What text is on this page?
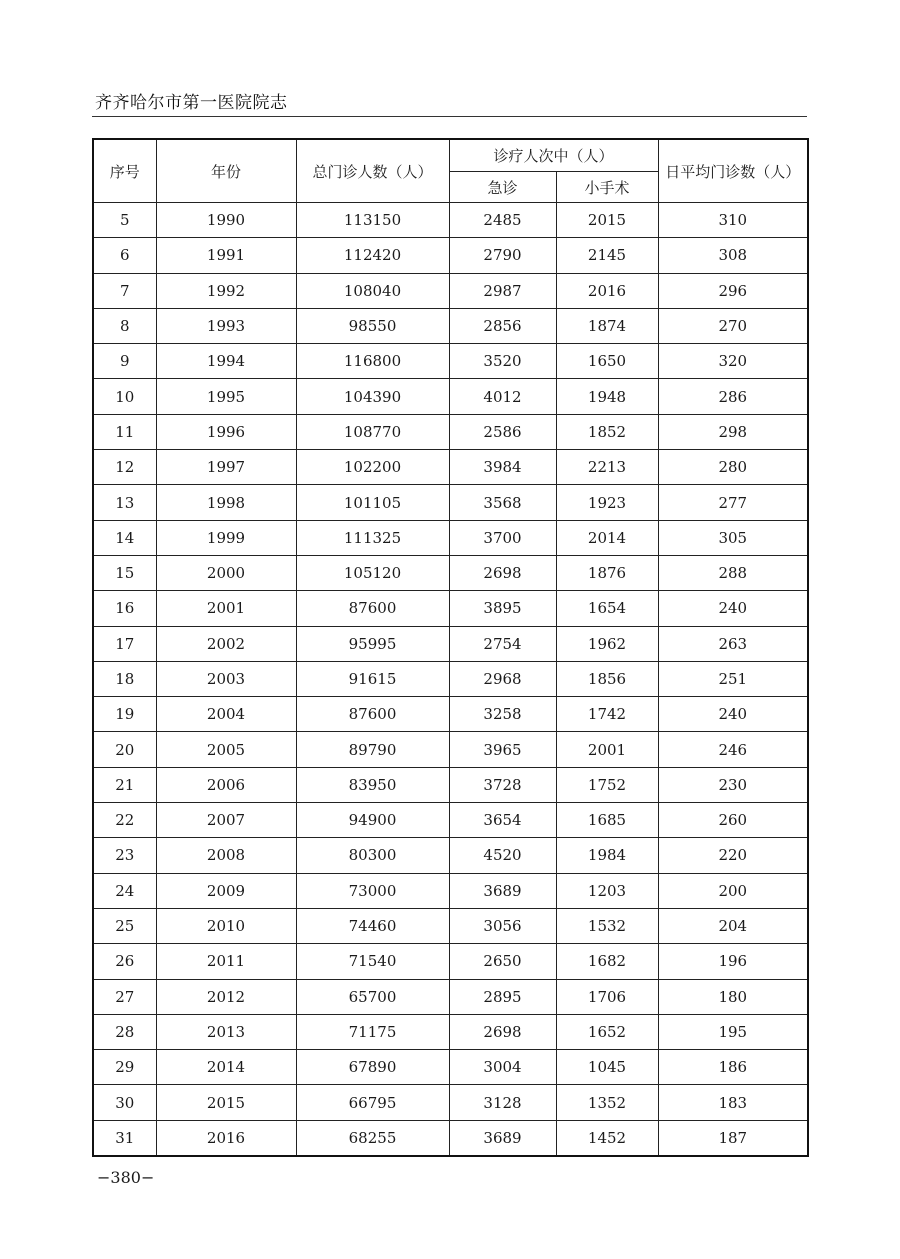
齐齐哈尔市第一医院院志
序号	年份	总门诊人数（人）	诊疗人次中（人）		日平均门诊数（人）
			急诊	小手术	
5	1990	113150	2485	2015	310
6	1991	112420	2790	2145	308
7	1992	108040	2987	2016	296
8	1993	98550	2856	1874	270
9	1994	116800	3520	1650	320
10	1995	104390	4012	1948	286
11	1996	108770	2586	1852	298
12	1997	102200	3984	2213	280
13	1998	101105	3568	1923	277
14	1999	111325	3700	2014	305
15	2000	105120	2698	1876	288
16	2001	87600	3895	1654	240
17	2002	95995	2754	1962	263
18	2003	91615	2968	1856	251
19	2004	87600	3258	1742	240
20	2005	89790	3965	2001	246
21	2006	83950	3728	1752	230
22	2007	94900	3654	1685	260
23	2008	80300	4520	1984	220
24	2009	73000	3689	1203	200
25	2010	74460	3056	1532	204
26	2011	71540	2650	1682	196
27	2012	65700	2895	1706	180
28	2013	71175	2698	1652	195
29	2014	67890	3004	1045	186
30	2015	66795	3128	1352	183
31	2016	68255	3689	1452	187
−380−
